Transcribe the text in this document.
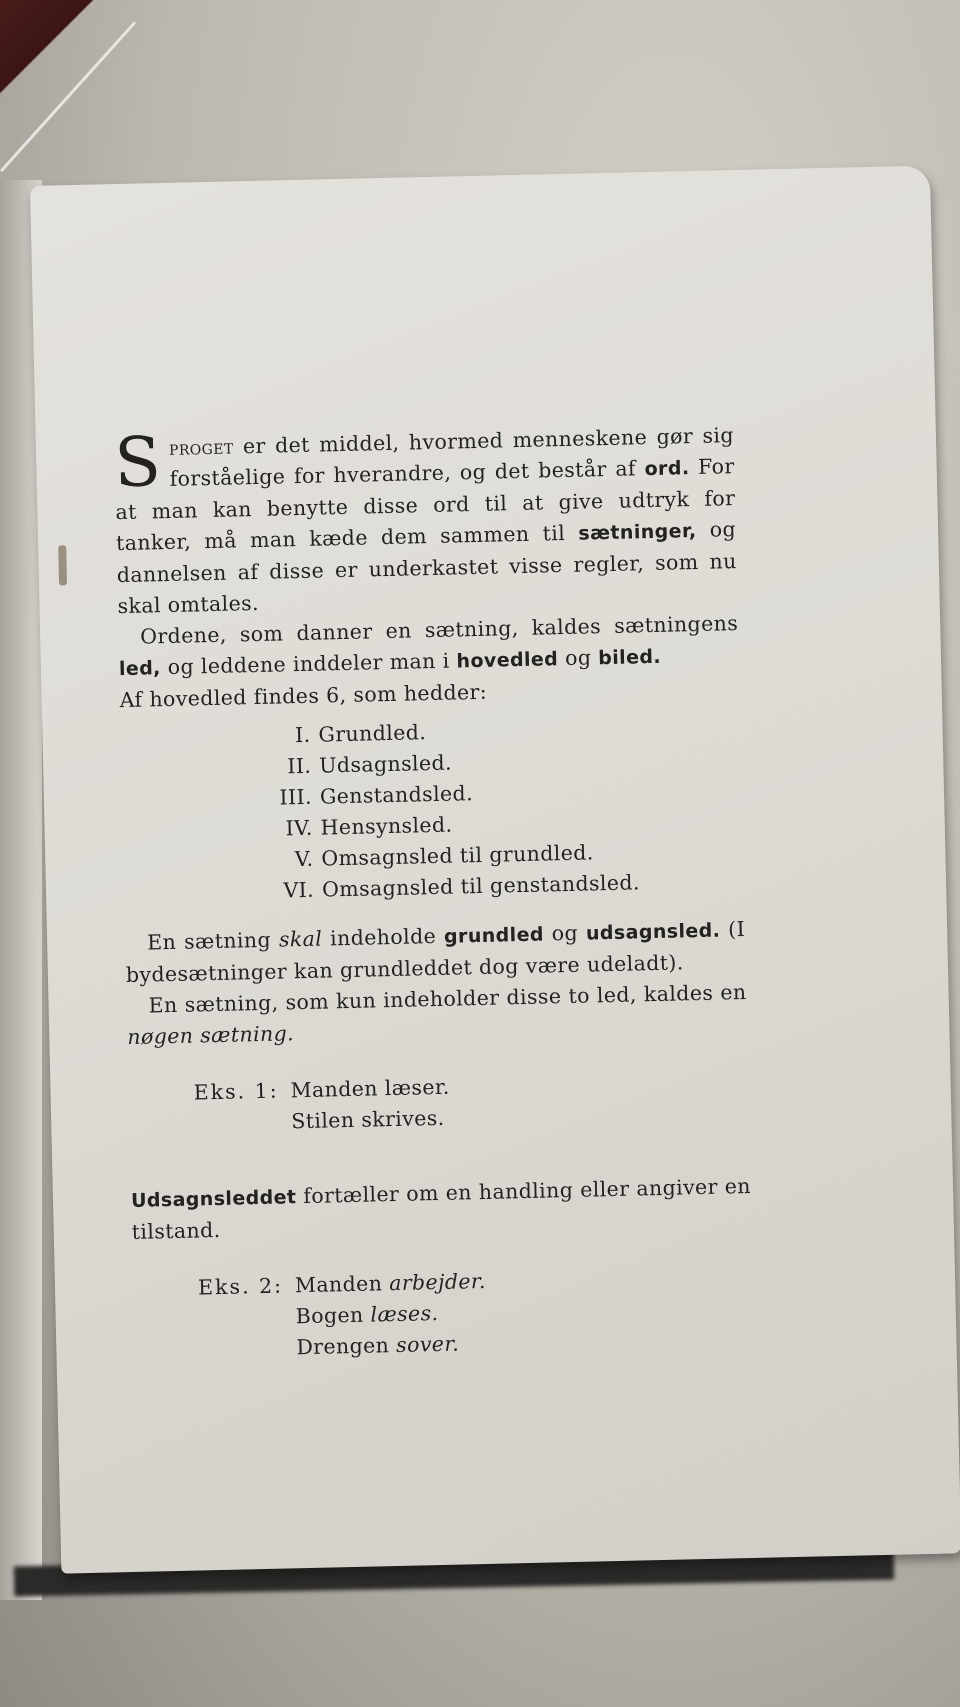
Sproget er det middel, hvormed menneskene gør sig forståelige for hverandre, og det består af ord. For at man kan benytte disse ord til at give udtryk for tanker, må man kæde dem sammen til sætninger, og dannelsen af disse er underkastet visse regler, som nu skal omtales.

Ordene, som danner en sætning, kaldes sætningens led, og leddene inddeler man i hovedled og biled.

Af hovedled findes 6, som hedder:

I. Grundled.
II. Udsagnsled.
III. Genstandsled.
IV. Hensynsled.
V. Omsagnsled til grundled.
VI. Omsagnsled til genstandsled.

En sætning skal indeholde grundled og udsagnsled. (I bydesætninger kan grundleddet dog være udeladt).

En sætning, som kun indeholder disse to led, kaldes en nøgen sætning.

Eks. 1: Manden læser.
Stilen skrives.

Udsagnsleddet fortæller om en handling eller angiver en tilstand.

Eks. 2: Manden arbejder.
Bogen læses.
Drengen sover.
